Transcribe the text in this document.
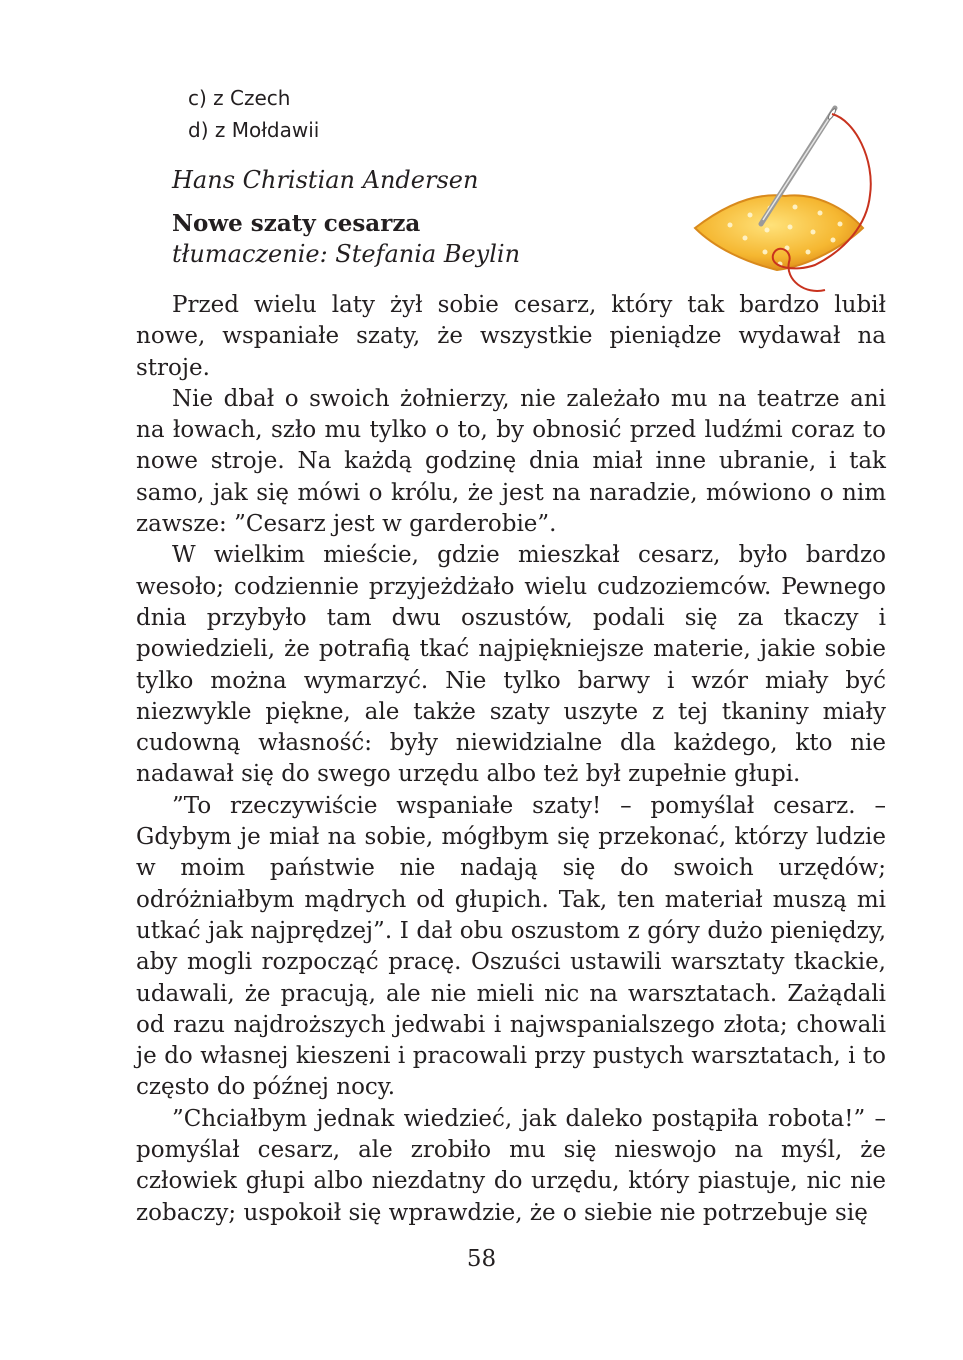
c) z Czech
d) z Mołdawii
Hans Christian Andersen
Nowe szaty cesarza
tłumaczenie: Stefania Beylin

Przed wielu laty żył sobie cesarz, który tak bardzo lubił nowe, wspaniałe szaty, że wszystkie pieniądze wydawał na stroje.

Nie dbał o swoich żołnierzy, nie zależało mu na teatrze ani na łowach, szło mu tylko o to, by obnosić przed ludźmi coraz to nowe stroje. Na każdą godzinę dnia miał inne ubranie, i tak samo, jak się mówi o królu, że jest na naradzie, mówiono o nim zawsze: ”Cesarz jest w garderobie”.

W wielkim mieście, gdzie mieszkał cesarz, było bardzo wesoło; codziennie przyjeżdżało wielu cudzoziemców. Pewnego dnia przybyło tam dwu oszustów, podali się za tkaczy i powiedzieli, że potrafią tkać najpiękniejsze materie, jakie sobie tylko można wymarzyć. Nie tylko barwy i wzór miały być niezwykle piękne, ale także szaty uszyte z tej tkaniny miały cudowną własność: były niewidzialne dla każdego, kto nie nadawał się do swego urzędu albo też był zupełnie głupi.

”To rzeczywiście wspaniałe szaty! – pomyślał cesarz. – Gdybym je miał na sobie, mógłbym się przekonać, którzy ludzie w moim państwie nie nadają się do swoich urzędów; odróżniałbym mądrych od głupich. Tak, ten materiał muszą mi utkać jak najprędzej”. I dał obu oszustom z góry dużo pieniędzy, aby mogli rozpocząć pracę. Oszuści ustawili warsztaty tkackie, udawali, że pracują, ale nie mieli nic na warsztatach. Zażądali od razu najdroższych jedwabi i najwspanialszego złota; chowali je do własnej kieszeni i pracowali przy pustych warsztatach, i to często do późnej nocy.

”Chciałbym jednak wiedzieć, jak daleko postąpiła robota!” – pomyślał cesarz, ale zrobiło mu się nieswojo na myśl, że człowiek głupi albo niezdatny do urzędu, który piastuje, nic nie zobaczy; uspokoił się wprawdzie, że o siebie nie potrzebuje się

58
